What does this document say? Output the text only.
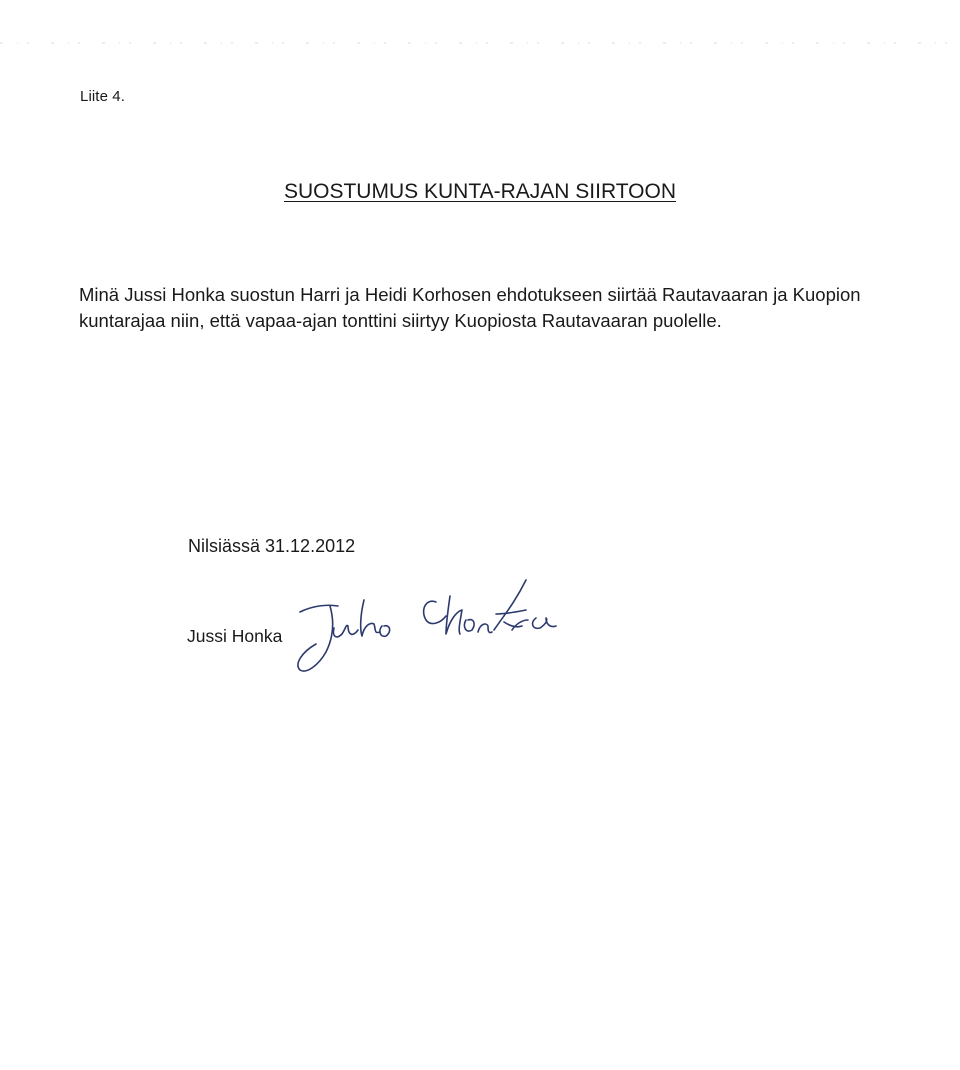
Liite 4.
SUOSTUMUS KUNTA-RAJAN SIIRTOON
Minä Jussi Honka suostun Harri ja Heidi Korhosen ehdotukseen siirtää Rautavaaran ja Kuopion kuntarajaa niin, että vapaa-ajan tonttini siirtyy Kuopiosta Rautavaaran puolelle.
Nilsiässä 31.12.2012
Jussi Honka
